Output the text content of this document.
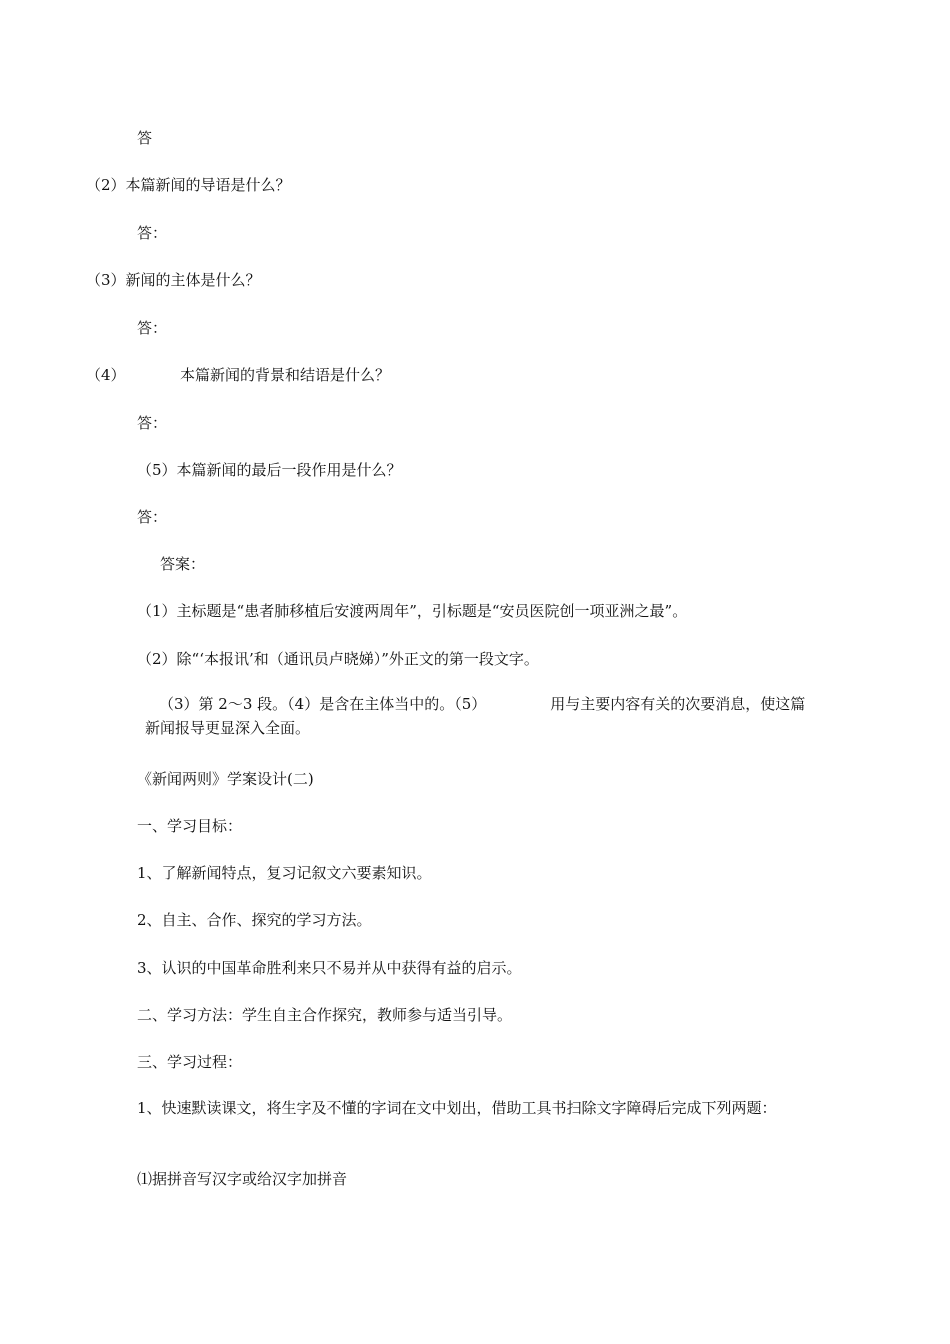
答
（2）本篇新闻的导语是什么？
答：
（3）新闻的主体是什么？
答：
（4）	本篇新闻的背景和结语是什么？
答：
（5）本篇新闻的最后一段作用是什么？
答：
答案：
（1）主标题是“患者肺移植后安渡两周年”，引标题是“安员医院创一项亚洲之最”。
（2）除“‘本报讯’和（通讯员卢晓娣）”外正文的第一段文字。
（3）第 2～3 段。（4）是含在主体当中的。（5）	用与主要内容有关的次要消息，使这篇新闻报导更显深入全面。
《新闻两则》学案设计(二)
一、学习目标：
1、了解新闻特点，复习记叙文六要素知识。
2、自主、合作、探究的学习方法。
3、认识的中国革命胜利来只不易并从中获得有益的启示。
二、学习方法：学生自主合作探究，教师参与适当引导。
三、学习过程：
1、快速默读课文，将生字及不懂的字词在文中划出，借助工具书扫除文字障碍后完成下列两题：
⑴据拼音写汉字或给汉字加拼音
